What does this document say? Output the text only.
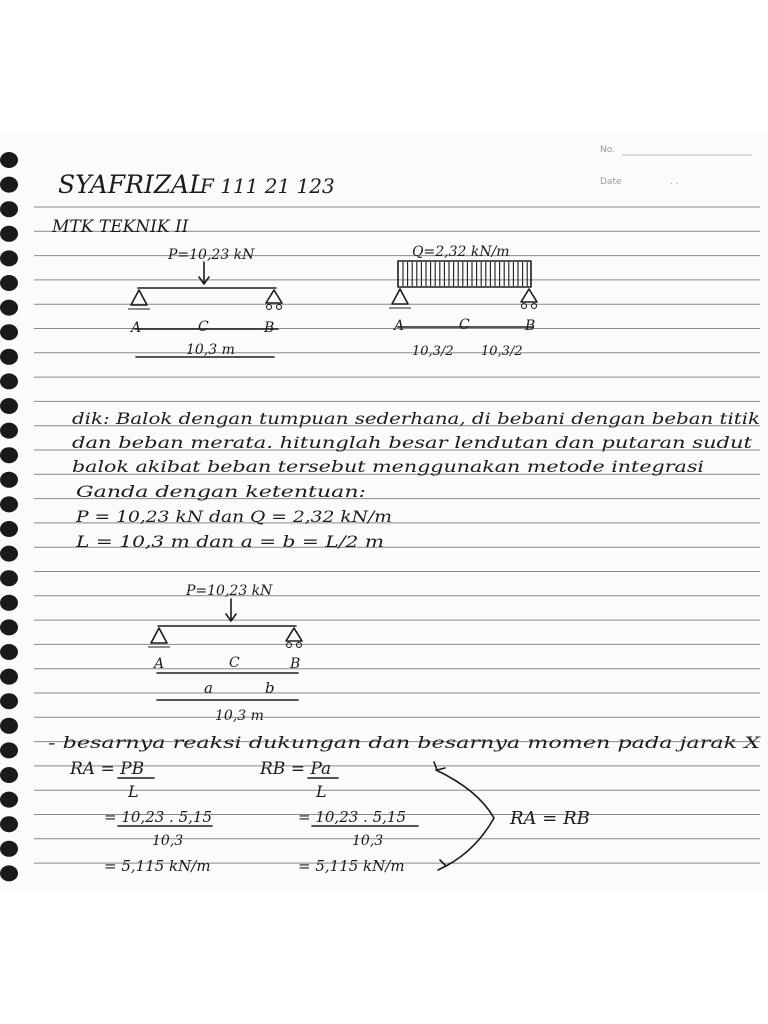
No.
Date	. .
SYAFRIZAL
F 111 21 123
MTK TEKNIK II
P=10,23 kN
A	C	B
10,3 m
Q=2,32 kN/m
A	C	B
10,3/2 10,3/2
dik: Balok dengan tumpuan sederhana, di bebani dengan beban titik
dan beban merata. hitunglah besar lendutan dan putaran sudut
balok akibat beban tersebut menggunakan metode integrasi
Ganda dengan ketentuan:
P = 10,23 kN dan Q = 2,32 kN/m
L = 10,3 m dan a = b = L/2 m
P=10,23 kN
A	C	B
a	b
10,3 m
- besarnya reaksi dukungan dan besarnya momen pada jarak X
RA = PB
L
= 10,23 . 5,15
10,3
= 5,115 kN/m
RB = Pa
L
= 10,23 . 5,15
10,3
= 5,115 kN/m
RA = RB
